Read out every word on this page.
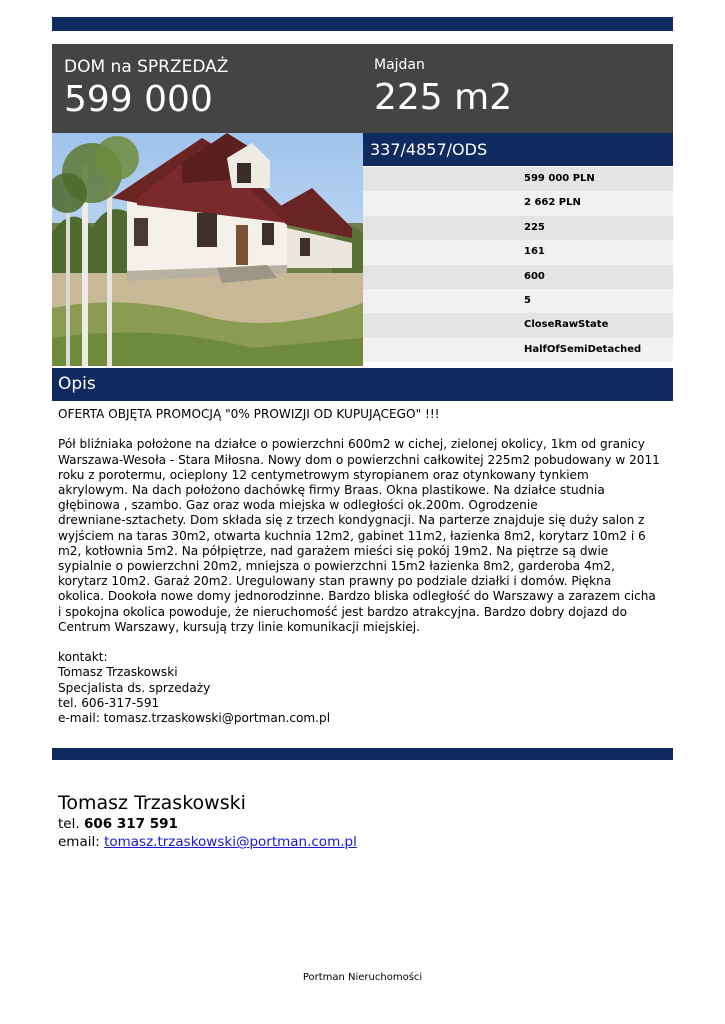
DOM na SPRZEDAŻ
599 000
Majdan
225 m2
337/4857/ODS
599 000 PLN
2 662 PLN
225
161
600
5
CloseRawState
HalfOfSemiDetached
Opis

OFERTA OBJĘTA PROMOCJĄ "0% PROWIZJI OD KUPUJĄCEGO" !!!

Pół bliźniaka położone na działce o powierzchni 600m2 w cichej, zielonej okolicy, 1km od granicy
Warszawa-Wesoła - Stara Miłosna. Nowy dom o powierzchni całkowitej 225m2 pobudowany w 2011
roku z porotermu, ocieplony 12 centymetrowym styropianem oraz otynkowany tynkiem
akrylowym. Na dach położono dachówkę firmy Braas. Okna plastikowe. Na działce studnia
głębinowa , szambo. Gaz oraz woda miejska w odległości ok.200m. Ogrodzenie
drewniane-sztachety. Dom składa się z trzech kondygnacji. Na parterze znajduje się duży salon z
wyjściem na taras 30m2, otwarta kuchnia 12m2, gabinet 11m2, łazienka 8m2, korytarz 10m2 i 6
m2, kotłownia 5m2. Na półpiętrze, nad garażem mieści się pokój 19m2. Na piętrze są dwie
sypialnie o powierzchni 20m2, mniejsza o powierzchni 15m2 łazienka 8m2, garderoba 4m2,
korytarz 10m2. Garaż 20m2. Uregulowany stan prawny po podziale działki i domów. Piękna
okolica. Dookoła nowe domy jednorodzinne. Bardzo bliska odległość do Warszawy a zarazem cicha
i spokojna okolica powoduje, że nieruchomość jest bardzo atrakcyjna. Bardzo dobry dojazd do
Centrum Warszawy, kursują trzy linie komunikacji miejskiej.

kontakt:
Tomasz Trzaskowski
Specjalista ds. sprzedaży
tel. 606-317-591
e-mail: tomasz.trzaskowski@portman.com.pl

Tomasz Trzaskowski
tel. 606 317 591
email: tomasz.trzaskowski@portman.com.pl
Portman Nieruchomości
